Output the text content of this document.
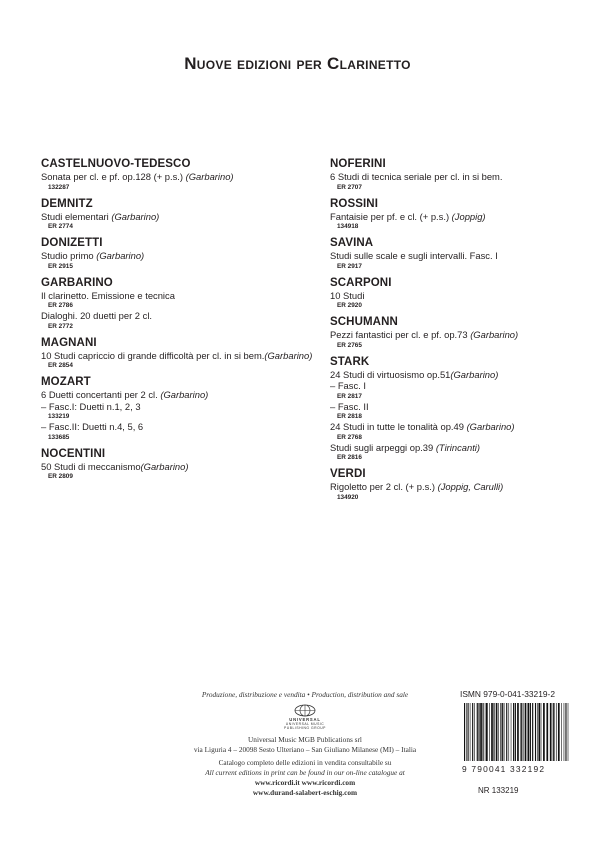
Nuove edizioni per Clarinetto
CASTELNUOVO-TEDESCO
Sonata per cl. e pf. op.128 (+ p.s.) (Garbarino)
132287
DEMNITZ
Studi elementari (Garbarino)
ER 2774
DONIZETTI
Studio primo (Garbarino)
ER 2915
GARBARINO
Il clarinetto. Emissione e tecnica
ER 2786
Dialoghi. 20 duetti per 2 cl.
ER 2772
MAGNANI
10 Studi capriccio di grande difficoltà per cl. in si bem.(Garbarino)
ER 2854
MOZART
6 Duetti concertanti per 2 cl. (Garbarino)
– Fasc.I: Duetti n.1, 2, 3
133219
– Fasc.II: Duetti n.4, 5, 6
133685
NOCENTINI
50 Studi di meccanismo(Garbarino)
ER 2809
NOFERINI
6 Studi di tecnica seriale per cl. in si bem.
ER 2707
ROSSINI
Fantaisie per pf. e cl. (+ p.s.) (Joppig)
134918
SAVINA
Studi sulle scale e sugli intervalli. Fasc. I
ER 2917
SCARPONI
10 Studi
ER 2920
SCHUMANN
Pezzi fantastici per cl. e pf. op.73 (Garbarino)
ER 2765
STARK
24 Studi di virtuosismo op.51(Garbarino)
– Fasc. I
ER 2817
– Fasc. II
ER 2818
24 Studi in tutte le tonalità op.49 (Garbarino)
ER 2768
Studi sugli arpeggi op.39 (Tirincanti)
ER 2816
VERDI
Rigoletto per 2 cl. (+ p.s.) (Joppig, Carulli)
134920
Produzione, distribuzione e vendita • Production, distribution and sale
UNIVERSAL
UNIVERSAL MUSIC
PUBLISHING GROUP
Universal Music MGB Publications srl
via Liguria 4 – 20098 Sesto Ulteriano – San Giuliano Milanese (MI) – Italia
Catalogo completo delle edizioni in vendita consultabile su
All current editions in print can be found in our on-line catalogue at
www.ricordi.it www.ricordi.com
www.durand-salabert-eschig.com
ISMN 979-0-041-33219-2
9 790041 332192
NR 133219
